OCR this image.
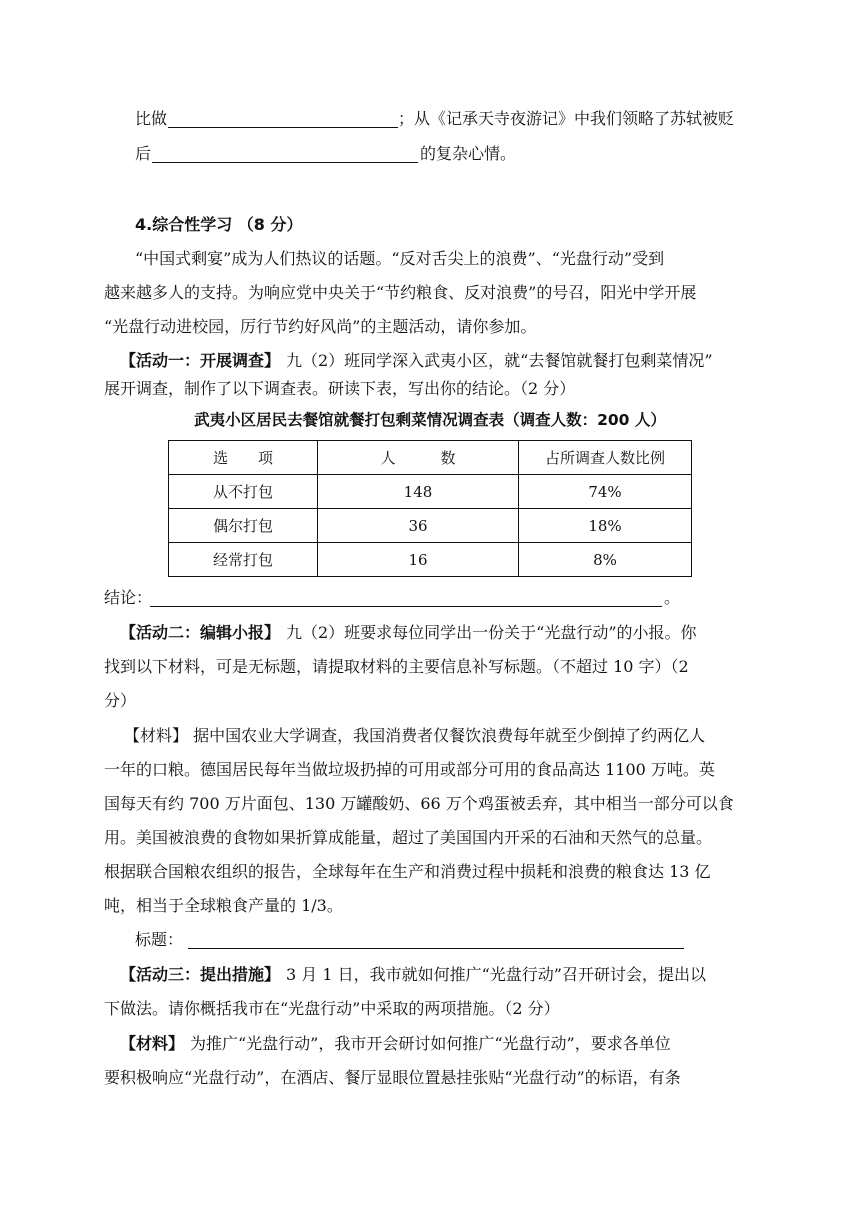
比做	；从《记承天寺夜游记》中我们领略了苏轼被贬
后	的复杂心情。
4.综合性学习 （8 分）
“中国式剩宴”成为人们热议的话题。“反对舌尖上的浪费”、“光盘行动”受到
越来越多人的支持。为响应党中央关于“节约粮食、反对浪费”的号召，阳光中学开展
“光盘行动进校园，厉行节约好风尚”的主题活动，请你参加。
【活动一：开展调查】 九（2）班同学深入武夷小区，就“去餐馆就餐打包剩菜情况”
展开调查，制作了以下调查表。研读下表，写出你的结论。（2 分）
武夷小区居民去餐馆就餐打包剩菜情况调查表（调查人数：200 人）
选　　项	人　　　数	占所调查人数比例
从不打包	148	74%
偶尔打包	36	18%
经常打包	16	8%
结论：	。
【活动二：编辑小报】 九（2）班要求每位同学出一份关于“光盘行动”的小报。你
找到以下材料，可是无标题，请提取材料的主要信息补写标题。（不超过 10 字）（2
分）
【材料】 据中国农业大学调查，我国消费者仅餐饮浪费每年就至少倒掉了约两亿人
一年的口粮。德国居民每年当做垃圾扔掉的可用或部分可用的食品高达 1100 万吨。英
国每天有约 700 万片面包、130 万罐酸奶、66 万个鸡蛋被丢弃，其中相当一部分可以食
用。美国被浪费的食物如果折算成能量，超过了美国国内开采的石油和天然气的总量。
根据联合国粮农组织的报告，全球每年在生产和消费过程中损耗和浪费的粮食达 13 亿
吨，相当于全球粮食产量的 1/3。
标题：
【活动三：提出措施】 3 月 1 日，我市就如何推广“光盘行动”召开研讨会，提出以
下做法。请你概括我市在“光盘行动”中采取的两项措施。（2 分）
【材料】 为推广“光盘行动”，我市开会研讨如何推广“光盘行动”，要求各单位
要积极响应“光盘行动”，在酒店、餐厅显眼位置悬挂张贴“光盘行动”的标语，有条
